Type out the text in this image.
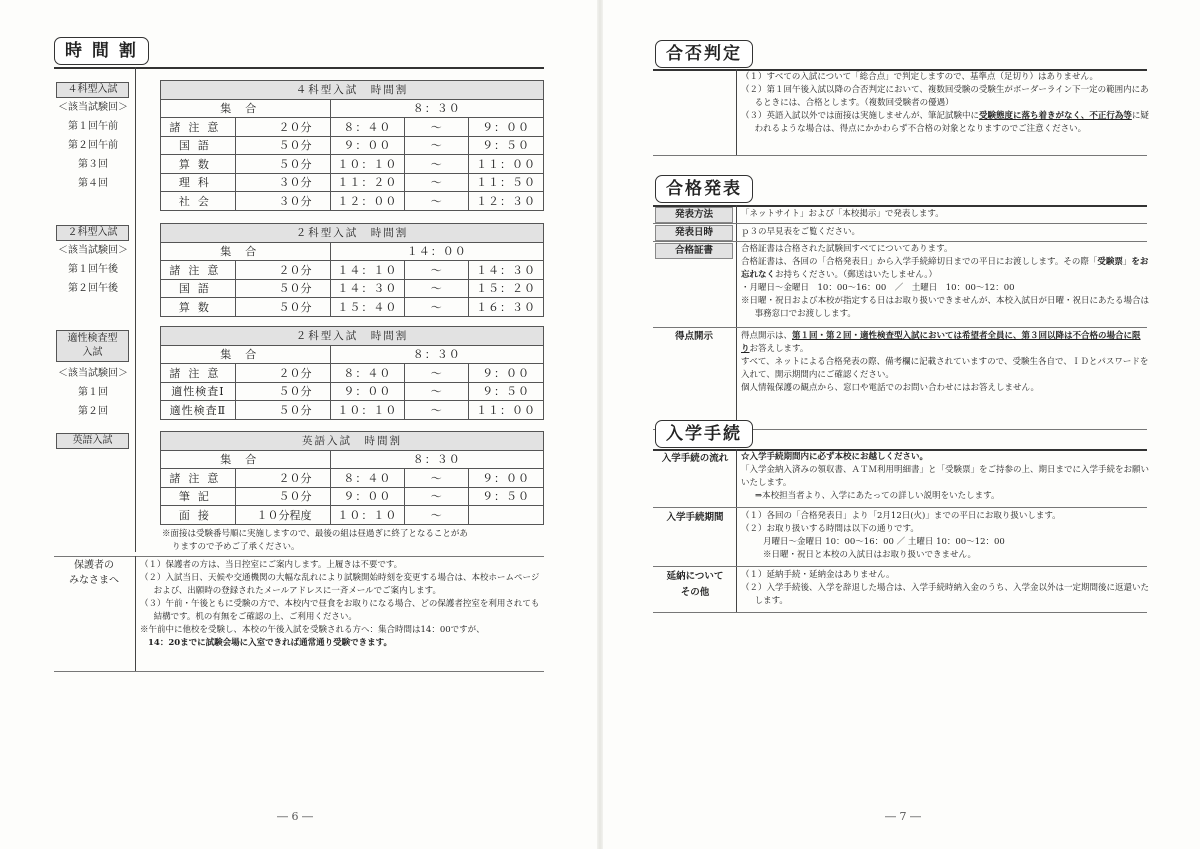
時 間 割
４科型入試
＜該当試験回＞
第１回午前
第２回午前
第３回
第４回
４科型入試　時間割				
集合		８：３０		
諸注意	２０分	８：４０	～	９：００
国語	５０分	９：００	～	９：５０
算数	５０分	１０：１０	～	１１：００
理科	３０分	１１：２０	～	１１：５０
社会	３０分	１２：００	～	１２：３０
２科型入試
＜該当試験回＞
第１回午後
第２回午後
２科型入試　時間割				
集合		１４：００		
諸注意	２０分	１４：１０	～	１４：３０
国語	５０分	１４：３０	～	１５：２０
算数	５０分	１５：４０	～	１６：３０
適性検査型
入試
＜該当試験回＞
第１回
第２回
２科型入試　時間割				
集合		８：３０		
諸注意	２０分	８：４０	～	９：００
適性検査Ⅰ	５０分	９：００	～	９：５０
適性検査Ⅱ	５０分	１０：１０	～	１１：００
英語入試	英語入試　時間割				
集合		８：３０		
諸注意	２０分	８：４０	～	９：００
筆記	５０分	９：００	～	９：５０
面接	１０分程度	１０：１０	～	
※面接は受験番号順に実施しますので、最後の組は昼過ぎに終了となることがあ
りますので予めご了承ください。
保護者の
みなさまへ

（１）保護者の方は、当日控室にご案内します。上履きは不要です。

（２）入試当日、天候や交通機関の大幅な乱れにより試験開始時刻を変更する場合は、本校ホームページおよび、出願時の登録されたメールアドレスに一斉メールでご案内します。

（３）午前・午後ともに受験の方で、本校内で昼食をお取りになる場合、どの保護者控室を利用されても結構です。机の有無をご確認の上、ご利用ください。

※午前中に他校を受験し、本校の午後入試を受験される方へ：集合時間は14：00ですが、

14：20までに試験会場に入室できれば通常通り受験できます。

― 6 ―
合否判定

（１）すべての入試について「総合点」で判定しますので、基準点（足切り）はありません。

（２）第１回午後入試以降の合否判定において、複数回受験の受験生がボーダーライン下一定の範囲内にあるときには、合格とします。（複数回受験者の優遇）

（３）英語入試以外では面接は実施しませんが、筆記試験中に受験態度に落ち着きがなく、不正行為等に疑われるような場合は、得点にかかわらず不合格の対象となりますのでご注意ください。

合格発表
発表方法	「ネットサイト」および「本校掲示」で発表します。

発表日時	ｐ３の早見表をご覧ください。

合格証書	合格証書は合格された試験回すべてについてあります。

合格証書は、各回の「合格発表日」から入学手続締切日までの平日にお渡しします。その際「受験票」をお忘れなくお持ちください。（郵送はいたしません。）

・月曜日～金曜日　10：00～16：00　／　土曜日　10：00～12：00

※日曜・祝日および本校が指定する日はお取り扱いできませんが、本校入試日が日曜・祝日にあたる場合は事務窓口でお渡しします。

得点開示	得点開示は、第１回・第２回・適性検査型入試においては希望者全員に、第３回以降は不合格の場合に限りお答えします。

すべて、ネットによる合格発表の際、備考欄に記載されていますので、受験生各自で、ＩＤとパスワードを入れて、開示期間内にご確認ください。

個人情報保護の観点から、窓口や電話でのお問い合わせにはお答えしません。

入学手続
入学手続の流れ	☆入学手続期間内に必ず本校にお越しください。

「入学金納入済みの領収書、ＡＴＭ利用明細書」と「受験票」をご持参の上、期日までに入学手続をお願いいたします。

⇒本校担当者より、入学にあたっての詳しい説明をいたします。

入学手続期間	（１）各回の「合格発表日」より「2月12日(火)」までの平日にお取り扱いします。

（２）お取り扱いする時間は以下の通りです。

月曜日～金曜日 10：00～16：00 ／ 土曜日 10：00～12：00

※日曜・祝日と本校の入試日はお取り扱いできません。

延納について
その他

（１）延納手続・延納金はありません。

（２）入学手続後、入学を辞退した場合は、入学手続時納入金のうち、入学金以外は一定期間後に返還いたします。

― 7 ―
